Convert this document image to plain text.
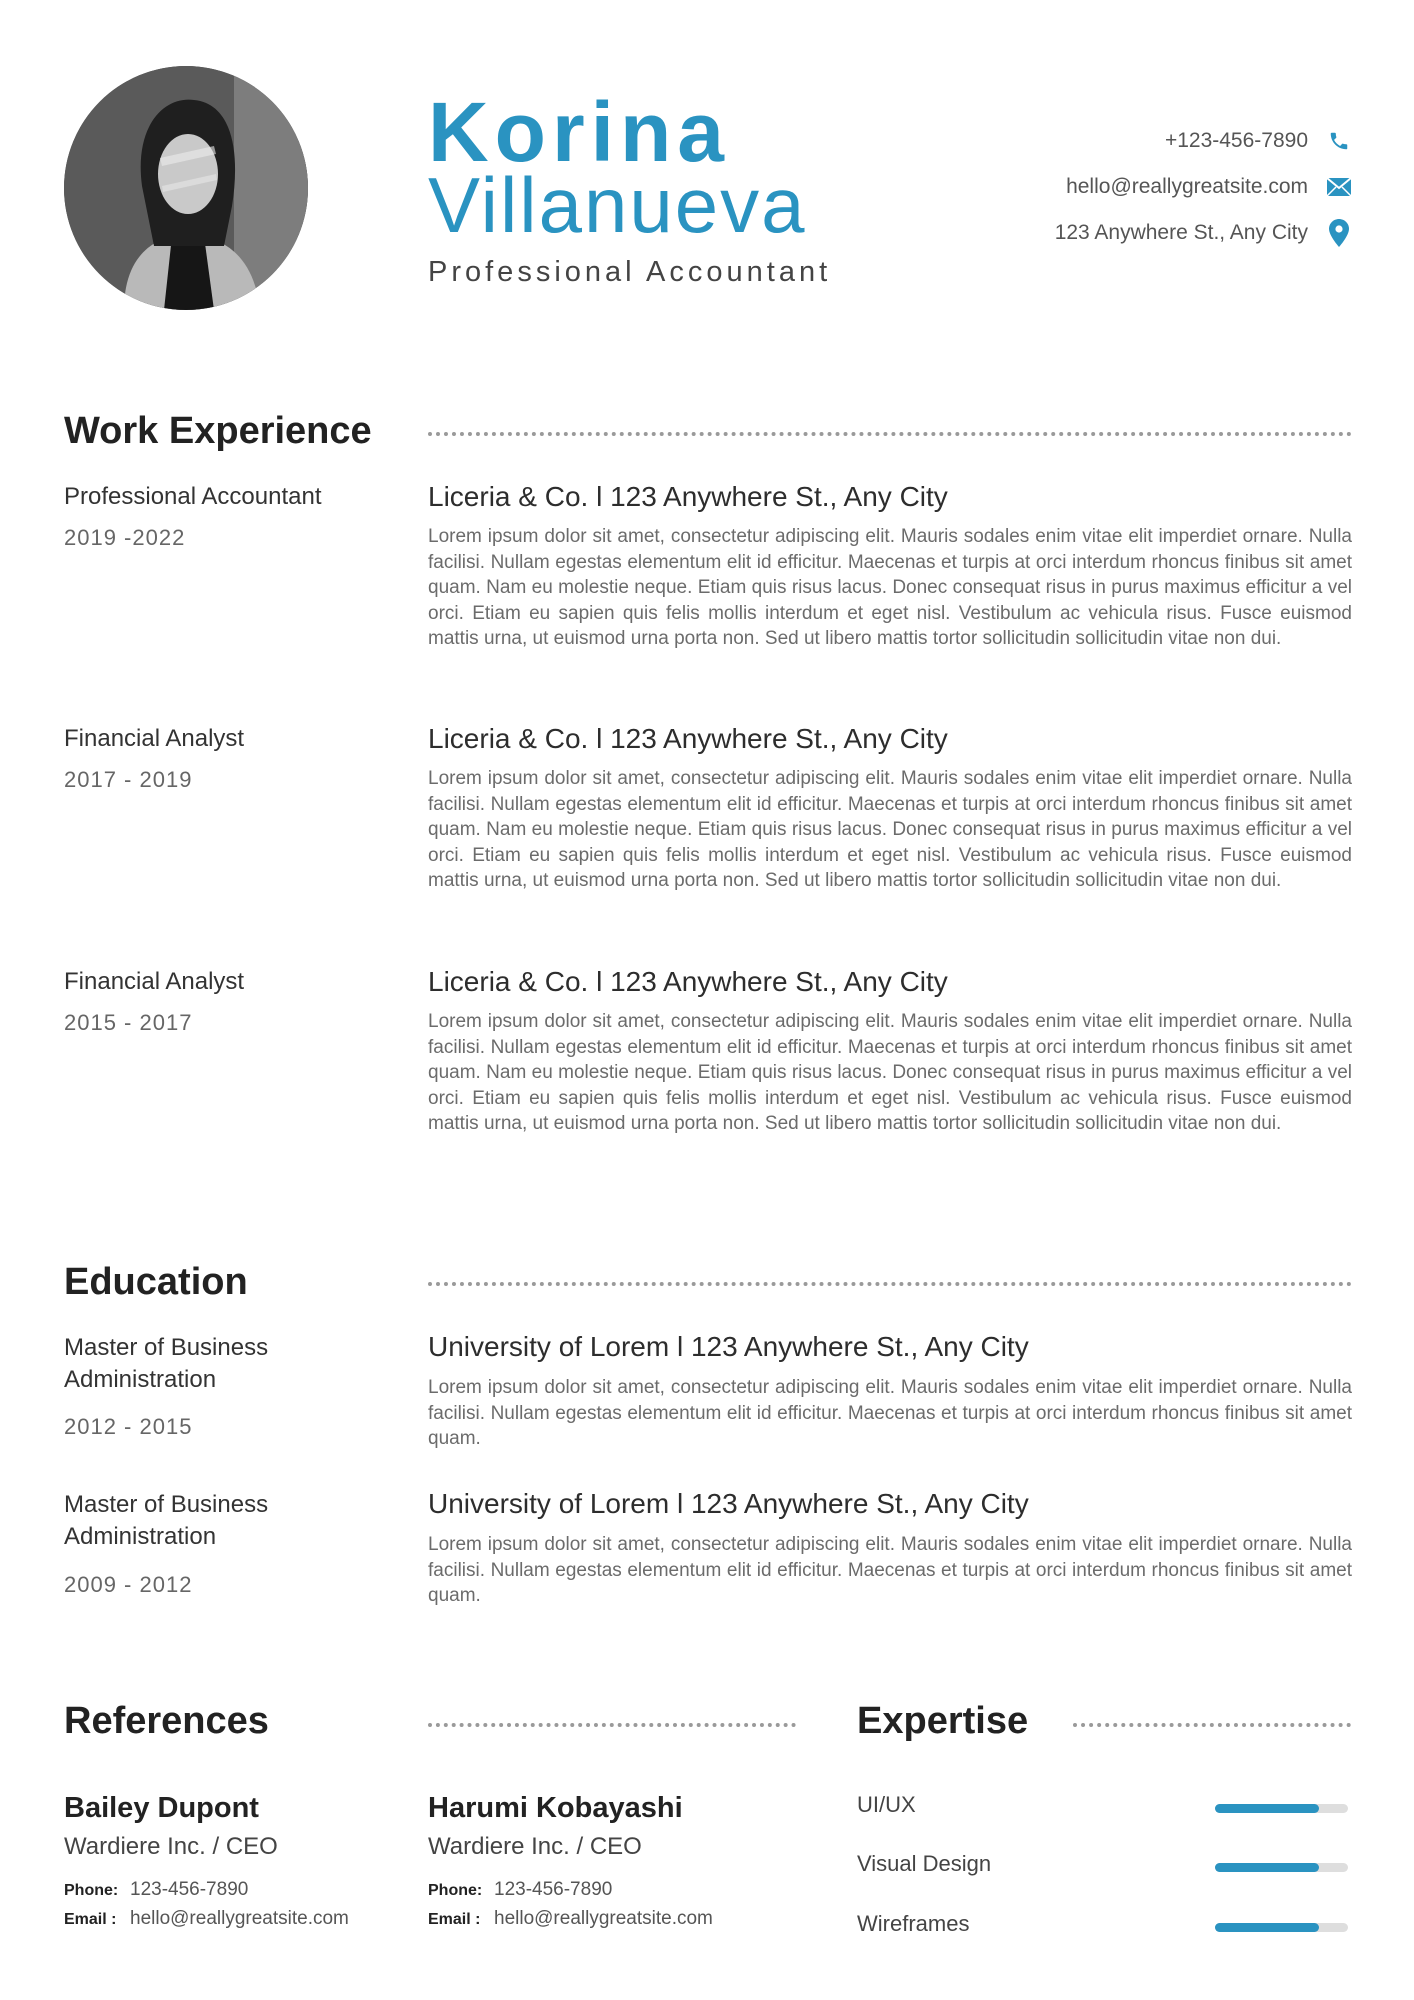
Korina
Villanueva
Professional Accountant
+123-456-7890
hello@reallygreatsite.com
123 Anywhere St., Any City
Work Experience
Professional Accountant
2019 -2022
Liceria & Co. l 123 Anywhere St., Any City
Lorem ipsum dolor sit amet, consectetur adipiscing elit. Mauris sodales enim vitae elit imperdiet ornare. Nulla facilisi. Nullam egestas elementum elit id efficitur. Maecenas et turpis at orci interdum rhoncus finibus sit amet quam. Nam eu molestie neque. Etiam quis risus lacus. Donec consequat risus in purus maximus efficitur a vel orci. Etiam eu sapien quis felis mollis interdum et eget nisl. Vestibulum ac vehicula risus. Fusce euismod mattis urna, ut euismod urna porta non. Sed ut libero mattis tortor sollicitudin sollicitudin vitae non dui.
Financial Analyst
2017 - 2019
Liceria & Co. l 123 Anywhere St., Any City
Lorem ipsum dolor sit amet, consectetur adipiscing elit. Mauris sodales enim vitae elit imperdiet ornare. Nulla facilisi. Nullam egestas elementum elit id efficitur. Maecenas et turpis at orci interdum rhoncus finibus sit amet quam. Nam eu molestie neque. Etiam quis risus lacus. Donec consequat risus in purus maximus efficitur a vel orci. Etiam eu sapien quis felis mollis interdum et eget nisl. Vestibulum ac vehicula risus. Fusce euismod mattis urna, ut euismod urna porta non. Sed ut libero mattis tortor sollicitudin sollicitudin vitae non dui.
Financial Analyst
2015 - 2017
Liceria & Co. l 123 Anywhere St., Any City
Lorem ipsum dolor sit amet, consectetur adipiscing elit. Mauris sodales enim vitae elit imperdiet ornare. Nulla facilisi. Nullam egestas elementum elit id efficitur. Maecenas et turpis at orci interdum rhoncus finibus sit amet quam. Nam eu molestie neque. Etiam quis risus lacus. Donec consequat risus in purus maximus efficitur a vel orci. Etiam eu sapien quis felis mollis interdum et eget nisl. Vestibulum ac vehicula risus. Fusce euismod mattis urna, ut euismod urna porta non. Sed ut libero mattis tortor sollicitudin sollicitudin vitae non dui.
Education
Master of Business Administration
2012 - 2015
University of Lorem l 123 Anywhere St., Any City
Lorem ipsum dolor sit amet, consectetur adipiscing elit. Mauris sodales enim vitae elit imperdiet ornare. Nulla facilisi. Nullam egestas elementum elit id efficitur. Maecenas et turpis at orci interdum rhoncus finibus sit amet quam.
Master of Business Administration
2009 - 2012
University of Lorem l 123 Anywhere St., Any City
Lorem ipsum dolor sit amet, consectetur adipiscing elit. Mauris sodales enim vitae elit imperdiet ornare. Nulla facilisi. Nullam egestas elementum elit id efficitur. Maecenas et turpis at orci interdum rhoncus finibus sit amet quam.
References
Bailey Dupont
Wardiere Inc. / CEO
Phone: 123-456-7890
Email : hello@reallygreatsite.com
Harumi Kobayashi
Wardiere Inc. / CEO
Phone: 123-456-7890
Email : hello@reallygreatsite.com
Expertise
UI/UX
Visual Design
Wireframes
